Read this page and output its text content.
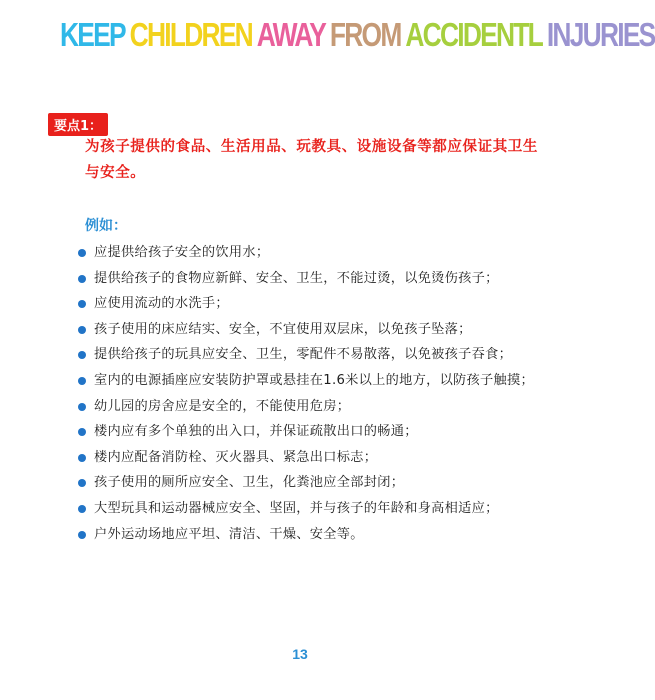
KEEP CHILDREN AWAY FROM ACCIDENTL INJURIES
要点1：
为孩子提供的食品、生活用品、玩教具、设施设备等都应保证其卫生与安全。
例如：
应提供给孩子安全的饮用水；
提供给孩子的食物应新鲜、安全、卫生，不能过烫，以免烫伤孩子；
应使用流动的水洗手；
孩子使用的床应结实、安全，不宜使用双层床，以免孩子坠落；
提供给孩子的玩具应安全、卫生，零配件不易散落，以免被孩子吞食；
室内的电源插座应安装防护罩或悬挂在1.6米以上的地方，以防孩子触摸；
幼儿园的房舍应是安全的，不能使用危房；
楼内应有多个单独的出入口，并保证疏散出口的畅通；
楼内应配备消防栓、灭火器具、紧急出口标志；
孩子使用的厕所应安全、卫生，化粪池应全部封闭；
大型玩具和运动器械应安全、坚固，并与孩子的年龄和身高相适应；
户外运动场地应平坦、清洁、干燥、安全等。
13
